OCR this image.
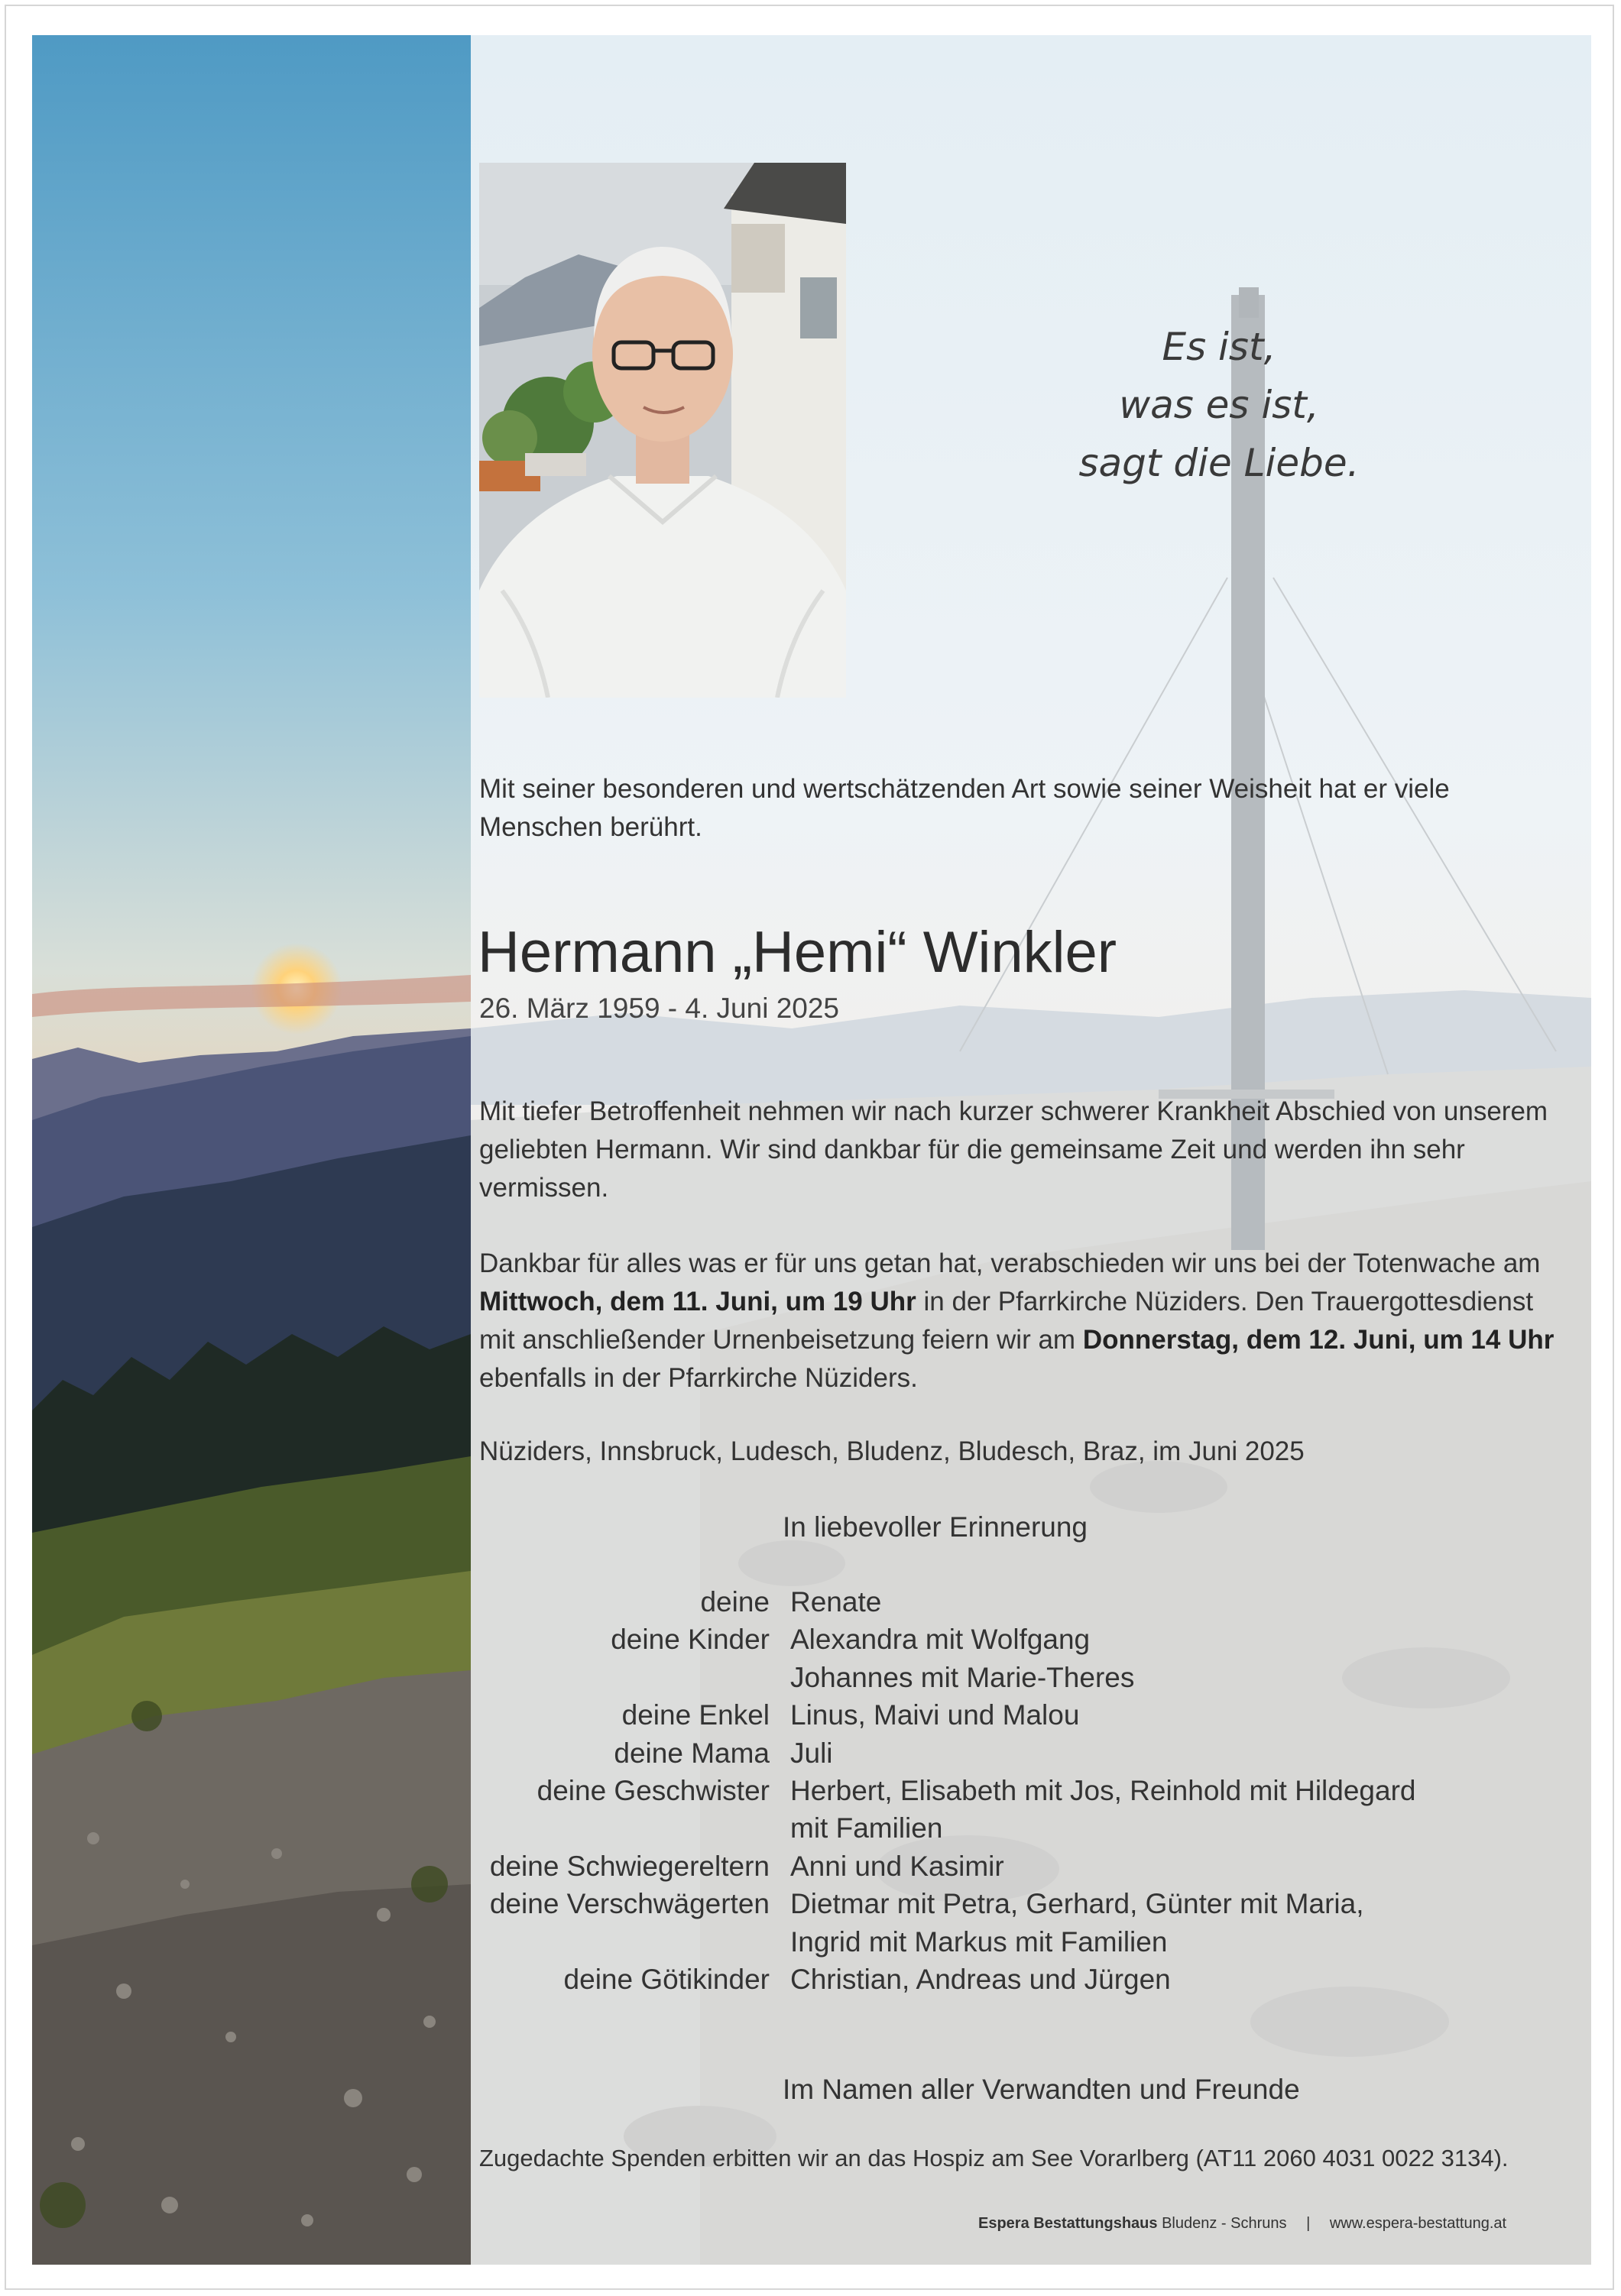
Es ist,
was es ist,
sagt die Liebe.
Mit seiner besonderen und wertschätzenden Art sowie seiner Weisheit hat er viele Menschen berührt.
Hermann „Hemi“ Winkler
26. März 1959 - 4. Juni 2025
Mit tiefer Betroffenheit nehmen wir nach kurzer schwerer Krankheit Abschied von unserem geliebten Hermann. Wir sind dankbar für die gemeinsame Zeit und werden ihn sehr vermissen.
Dankbar für alles was er für uns getan hat, verabschieden wir uns bei der Totenwache am Mittwoch, dem 11. Juni, um 19 Uhr in der Pfarrkirche Nüziders. Den Trauergottesdienst mit anschließender Urnenbeisetzung feiern wir am Donnerstag, dem 12. Juni, um 14 Uhr ebenfalls in der Pfarrkirche Nüziders.
Nüziders, Innsbruck, Ludesch, Bludenz, Bludesch, Braz, im Juni 2025
In liebevoller Erinnerung
deine Renate
deine Kinder Alexandra mit Wolfgang
Johannes mit Marie-Theres
deine Enkel Linus, Maivi und Malou
deine Mama Juli
deine Geschwister Herbert, Elisabeth mit Jos, Reinhold mit Hildegard
mit Familien
deine Schwiegereltern Anni und Kasimir
deine Verschwägerten Dietmar mit Petra, Gerhard, Günter mit Maria,
Ingrid mit Markus mit Familien
deine Götikinder Christian, Andreas und Jürgen
Im Namen aller Verwandten und Freunde
Zugedachte Spenden erbitten wir an das Hospiz am See Vorarlberg (AT11 2060 4031 0022 3134).
Espera Bestattungshaus Bludenz - Schruns | www.espera-bestattung.at
